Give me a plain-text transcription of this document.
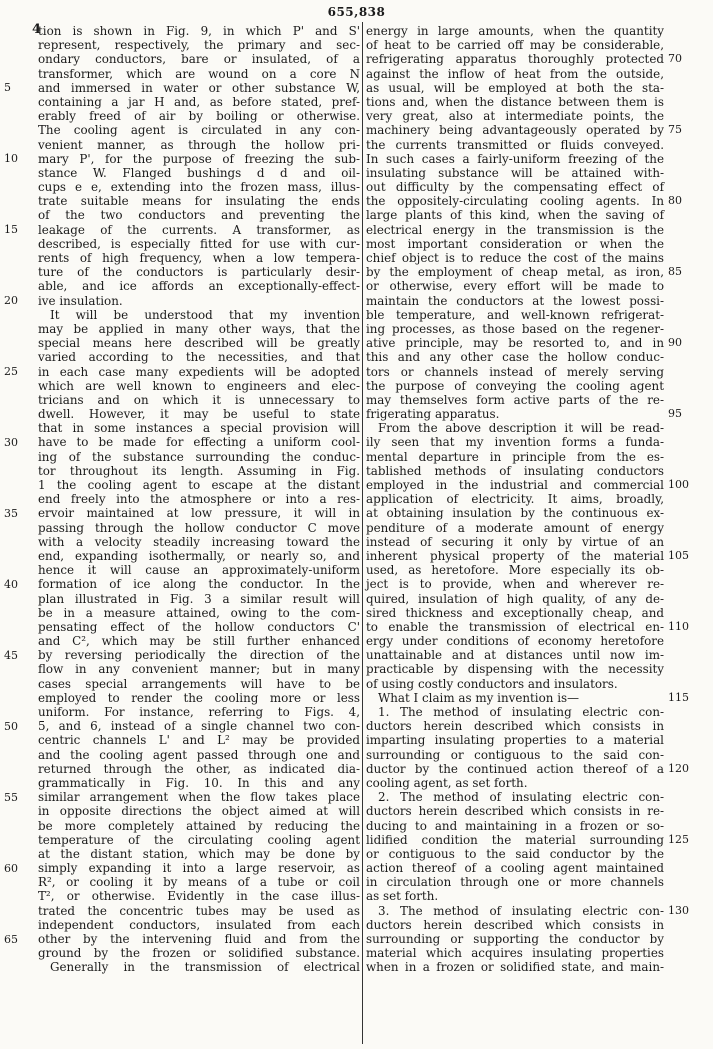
4
655,838
tion is shown in Fig. 9, in which P' and S'
represent, respectively, the primary and sec-
ondary conductors, bare or insulated, of a
transformer, which are wound on a core N
and immersed in water or other substance W,
containing a jar H and, as before stated, pref-
erably freed of air by boiling or otherwise.
The cooling agent is circulated in any con-
venient manner, as through the hollow pri-
mary P', for the purpose of freezing the sub-
stance W. Flanged bushings d d and oil-
cups e e, extending into the frozen mass, illus-
trate suitable means for insulating the ends
of the two conductors and preventing the
leakage of the currents. A transformer, as
described, is especially fitted for use with cur-
rents of high frequency, when a low tempera-
ture of the conductors is particularly desir-
able, and ice affords an exceptionally-effect-
ive insulation.
It will be understood that my invention
may be applied in many other ways, that the
special means here described will be greatly
varied according to the necessities, and that
in each case many expedients will be adopted
which are well known to engineers and elec-
tricians and on which it is unnecessary to
dwell. However, it may be useful to state
that in some instances a special provision will
have to be made for effecting a uniform cool-
ing of the substance surrounding the conduc-
tor throughout its length. Assuming in Fig.
1 the cooling agent to escape at the distant
end freely into the atmosphere or into a res-
ervoir maintained at low pressure, it will in
passing through the hollow conductor C move
with a velocity steadily increasing toward the
end, expanding isothermally, or nearly so, and
hence it will cause an approximately-uniform
formation of ice along the conductor. In the
plan illustrated in Fig. 3 a similar result will
be in a measure attained, owing to the com-
pensating effect of the hollow conductors C'
and C², which may be still further enhanced
by reversing periodically the direction of the
flow in any convenient manner; but in many
cases special arrangements will have to be
employed to render the cooling more or less
uniform. For instance, referring to Figs. 4,
5, and 6, instead of a single channel two con-
centric channels L' and L² may be provided
and the cooling agent passed through one and
returned through the other, as indicated dia-
grammatically in Fig. 10. In this and any
similar arrangement when the flow takes place
in opposite directions the object aimed at will
be more completely attained by reducing the
temperature of the circulating cooling agent
at the distant station, which may be done by
simply expanding it into a large reservoir, as
R², or cooling it by means of a tube or coil
T², or otherwise. Evidently in the case illus-
trated the concentric tubes may be used as
independent conductors, insulated from each
other by the intervening fluid and from the
ground by the frozen or solidified substance.
Generally in the transmission of electrical
energy in large amounts, when the quantity
of heat to be carried off may be considerable,
refrigerating apparatus thoroughly protected
against the inflow of heat from the outside,
as usual, will be employed at both the sta-
tions and, when the distance between them is
very great, also at intermediate points, the
machinery being advantageously operated by
the currents transmitted or fluids conveyed.
In such cases a fairly-uniform freezing of the
insulating substance will be attained with-
out difficulty by the compensating effect of
the oppositely-circulating cooling agents. In
large plants of this kind, when the saving of
electrical energy in the transmission is the
most important consideration or when the
chief object is to reduce the cost of the mains
by the employment of cheap metal, as iron,
or otherwise, every effort will be made to
maintain the conductors at the lowest possi-
ble temperature, and well-known refrigerat-
ing processes, as those based on the regener-
ative principle, may be resorted to, and in
this and any other case the hollow conduc-
tors or channels instead of merely serving
the purpose of conveying the cooling agent
may themselves form active parts of the re-
frigerating apparatus.
From the above description it will be read-
ily seen that my invention forms a funda-
mental departure in principle from the es-
tablished methods of insulating conductors
employed in the industrial and commercial
application of electricity. It aims, broadly,
at obtaining insulation by the continuous ex-
penditure of a moderate amount of energy
instead of securing it only by virtue of an
inherent physical property of the material
used, as heretofore. More especially its ob-
ject is to provide, when and wherever re-
quired, insulation of high quality, of any de-
sired thickness and exceptionally cheap, and
to enable the transmission of electrical en-
ergy under conditions of economy heretofore
unattainable and at distances until now im-
practicable by dispensing with the necessity
of using costly conductors and insulators.
What I claim as my invention is—
1. The method of insulating electric con-
ductors herein described which consists in
imparting insulating properties to a material
surrounding or contiguous to the said con-
ductor by the continued action thereof of a
cooling agent, as set forth.
2. The method of insulating electric con-
ductors herein described which consists in re-
ducing to and maintaining in a frozen or so-
lidified condition the material surrounding
or contiguous to the said conductor by the
action thereof of a cooling agent maintained
in circulation through one or more channels
as set forth.
3. The method of insulating electric con-
ductors herein described which consists in
surrounding or supporting the conductor by
material which acquires insulating properties
when in a frozen or solidified state, and main-
5
10
15
20
25
30
35
40
45
50
55
60
65
70
75
80
85
90
95
100
105
110
115
120
125
130
